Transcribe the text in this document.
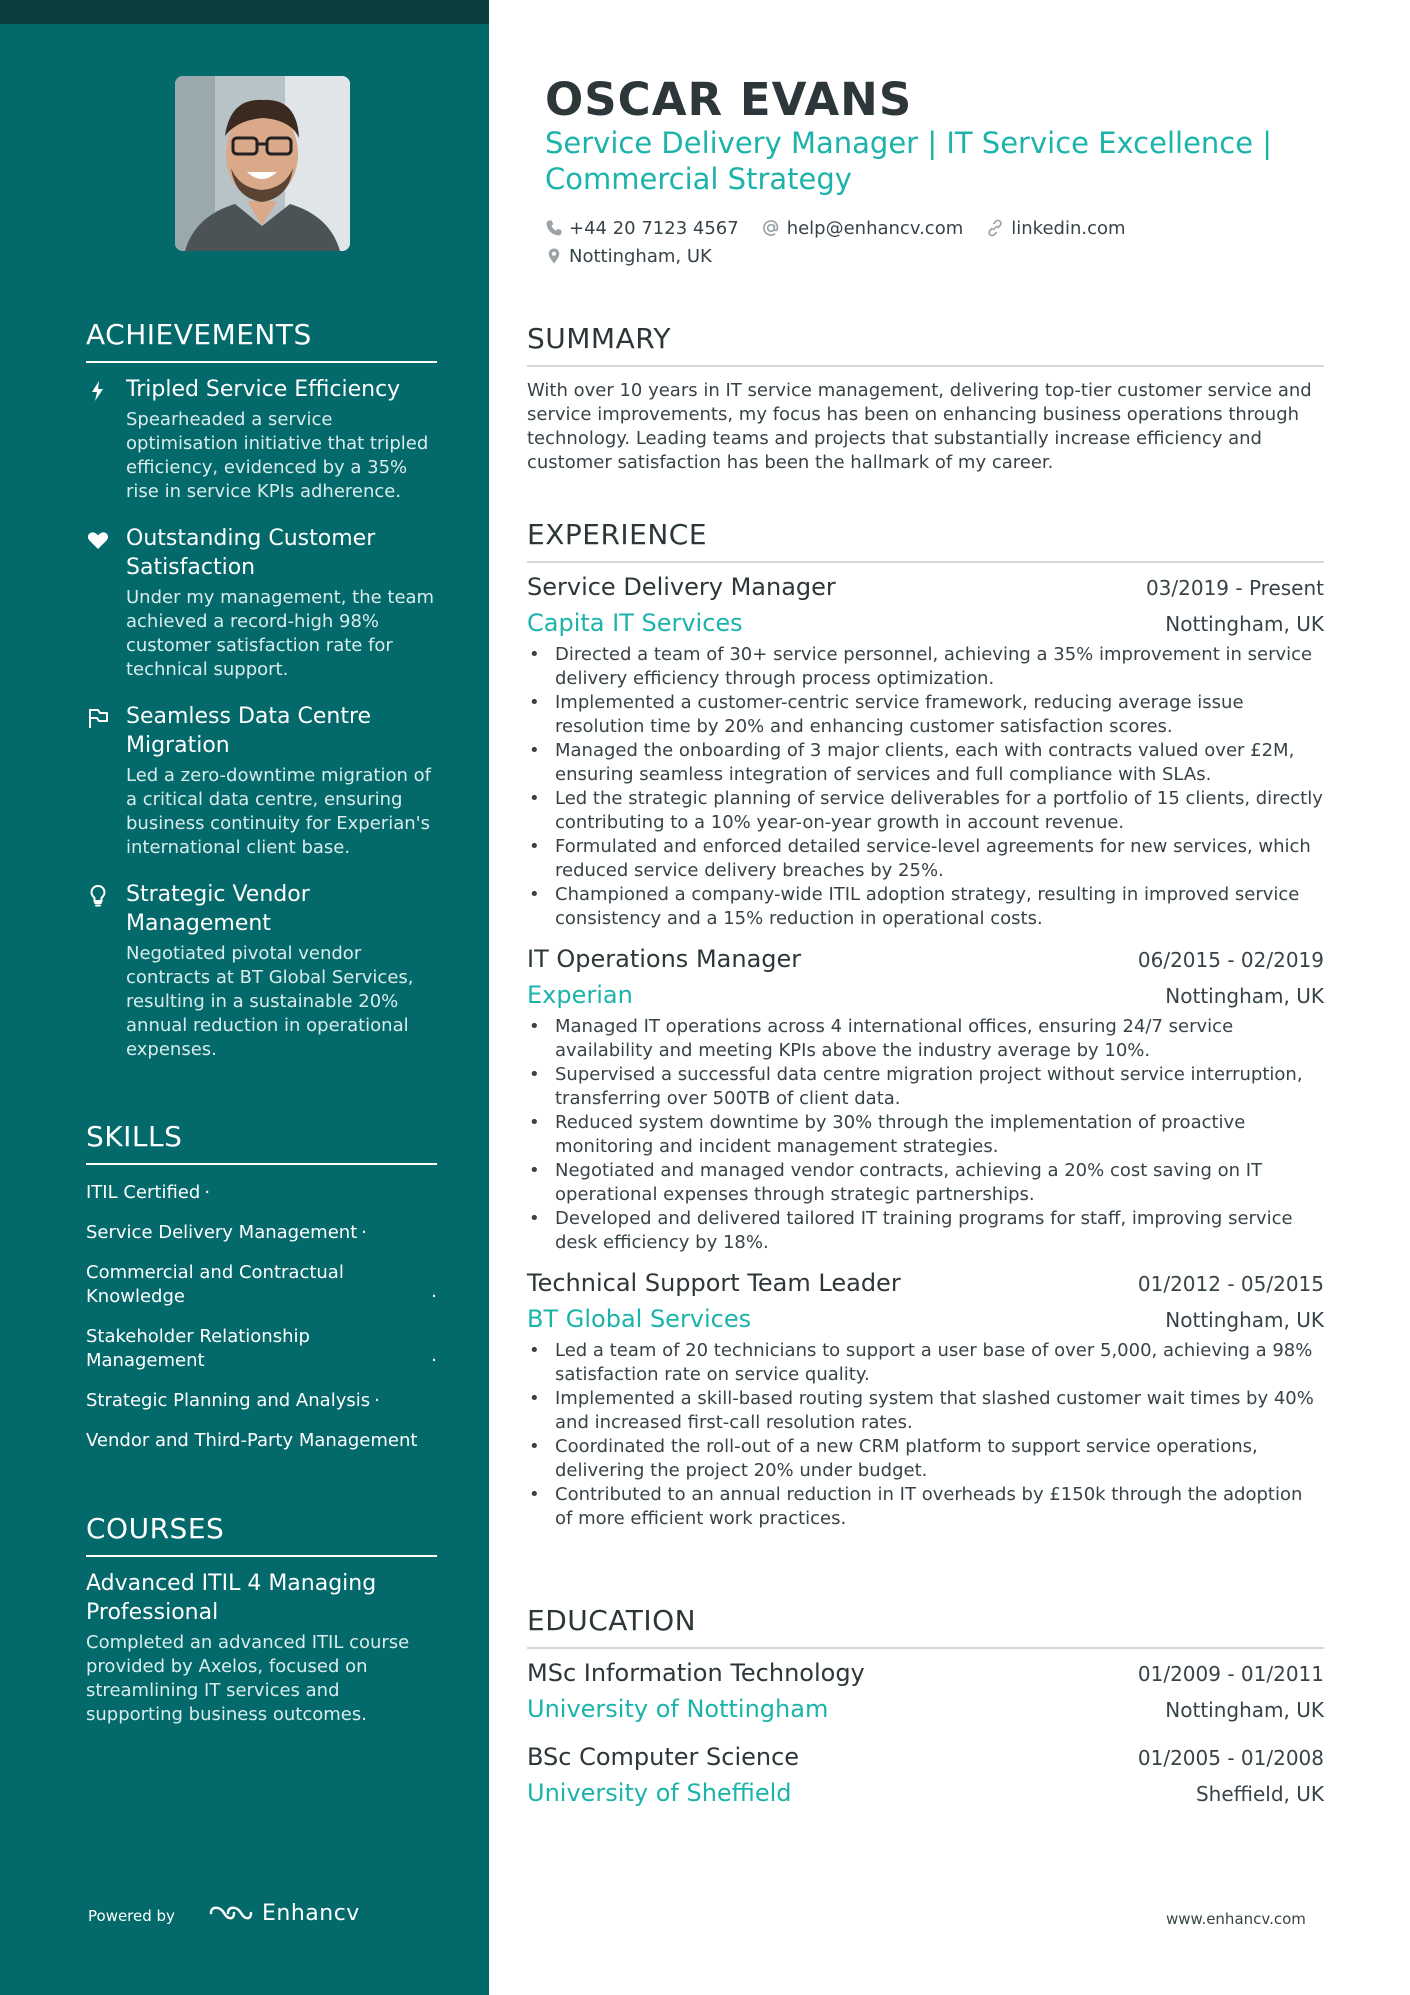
ACHIEVEMENTS
Tripled Service Efficiency
Spearheaded a service optimisation initiative that tripled efficiency, evidenced by a 35% rise in service KPIs adherence.
Outstanding Customer Satisfaction
Under my management, the team achieved a record-high 98% customer satisfaction rate for technical support.
Seamless Data Centre Migration
Led a zero-downtime migration of a critical data centre, ensuring business continuity for Experian's international client base.
Strategic Vendor Management
Negotiated pivotal vendor contracts at BT Global Services, resulting in a sustainable 20% annual reduction in operational expenses.
SKILLS
ITIL Certified ·
Service Delivery Management ·
Commercial and Contractual Knowledge	·
Stakeholder Relationship Management	·
Strategic Planning and Analysis ·
Vendor and Third-Party Management
COURSES
Advanced ITIL 4 Managing Professional
Completed an advanced ITIL course provided by Axelos, focused on streamlining IT services and supporting business outcomes.
Powered by	Enhancv
OSCAR EVANS
Service Delivery Manager | IT Service Excellence | Commercial Strategy
+44 20 7123 4567	help@enhancv.com	linkedin.com
Nottingham, UK
SUMMARY
With over 10 years in IT service management, delivering top-tier customer service and service improvements, my focus has been on enhancing business operations through technology. Leading teams and projects that substantially increase efficiency and customer satisfaction has been the hallmark of my career.
EXPERIENCE
Service Delivery Manager	03/2019 - Present
Capita IT Services	Nottingham, UK
• Directed a team of 30+ service personnel, achieving a 35% improvement in service delivery efficiency through process optimization.
• Implemented a customer-centric service framework, reducing average issue resolution time by 20% and enhancing customer satisfaction scores.
• Managed the onboarding of 3 major clients, each with contracts valued over £2M, ensuring seamless integration of services and full compliance with SLAs.
• Led the strategic planning of service deliverables for a portfolio of 15 clients, directly contributing to a 10% year-on-year growth in account revenue.
• Formulated and enforced detailed service-level agreements for new services, which reduced service delivery breaches by 25%.
• Championed a company-wide ITIL adoption strategy, resulting in improved service consistency and a 15% reduction in operational costs.
IT Operations Manager	06/2015 - 02/2019
Experian	Nottingham, UK
• Managed IT operations across 4 international offices, ensuring 24/7 service availability and meeting KPIs above the industry average by 10%.
• Supervised a successful data centre migration project without service interruption, transferring over 500TB of client data.
• Reduced system downtime by 30% through the implementation of proactive monitoring and incident management strategies.
• Negotiated and managed vendor contracts, achieving a 20% cost saving on IT operational expenses through strategic partnerships.
• Developed and delivered tailored IT training programs for staff, improving service desk efficiency by 18%.
Technical Support Team Leader	01/2012 - 05/2015
BT Global Services	Nottingham, UK
• Led a team of 20 technicians to support a user base of over 5,000, achieving a 98% satisfaction rate on service quality.
• Implemented a skill-based routing system that slashed customer wait times by 40% and increased first-call resolution rates.
• Coordinated the roll-out of a new CRM platform to support service operations, delivering the project 20% under budget.
• Contributed to an annual reduction in IT overheads by £150k through the adoption of more efficient work practices.
EDUCATION
MSc Information Technology	01/2009 - 01/2011
University of Nottingham	Nottingham, UK
BSc Computer Science	01/2005 - 01/2008
University of Sheffield	Sheffield, UK
www.enhancv.com
